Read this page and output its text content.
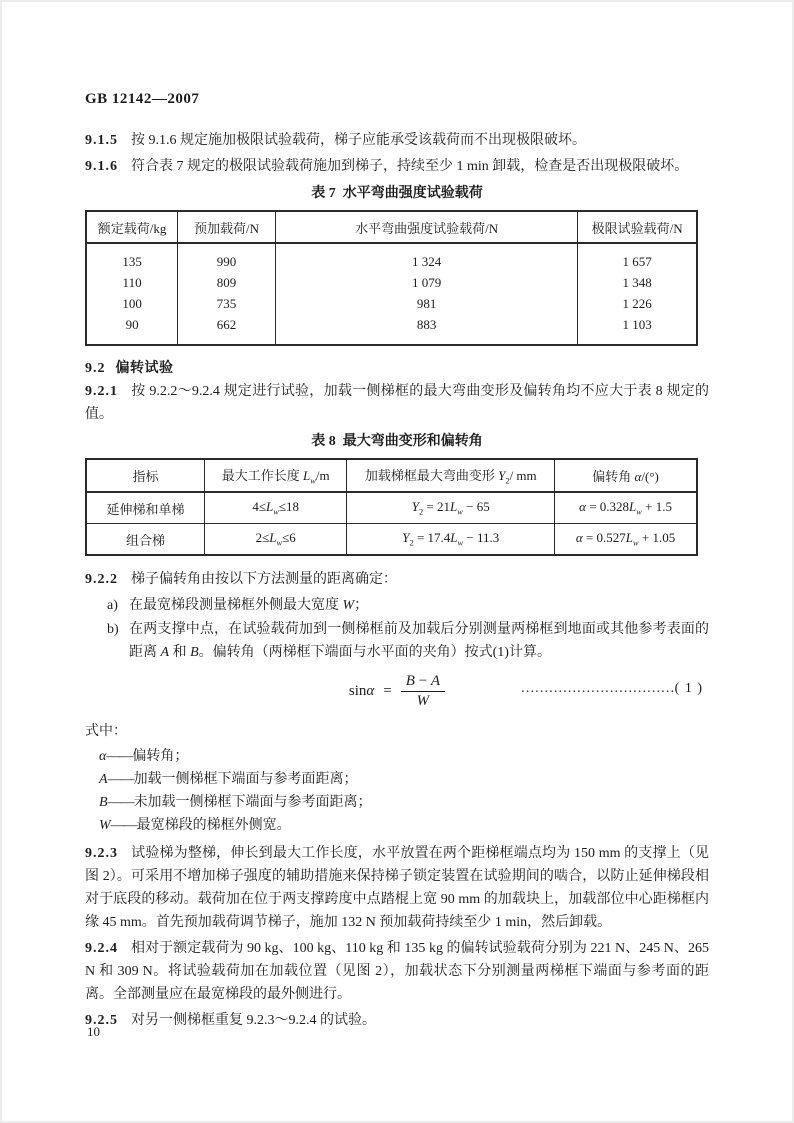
GB 12142—2007

9.1.5 按 9.1.6 规定施加极限试验载荷，梯子应能承受该载荷而不出现极限破坏。

9.1.6 符合表 7 规定的极限试验载荷施加到梯子，持续至少 1 min 卸载，检查是否出现极限破坏。

表 7  水平弯曲强度试验载荷
额定载荷/kg	预加载荷/N	水平弯曲强度试验载荷/N	极限试验载荷/N
135	990	1 324	1 657
110	809	1 079	1 348
100	735	981	1 226
90	662	883	1 103

9.2 偏转试验

9.2.1 按 9.2.2～9.2.4 规定进行试验，加载一侧梯框的最大弯曲变形及偏转角均不应大于表 8 规定的值。

表 8  最大弯曲变形和偏转角
指标	最大工作长度 $L_w/m$	加载梯框最大弯曲变形 $Y_2/$ mm	偏转角 α/(°)
延伸梯和单梯	$4\le L_w\le 18$	$Y_2 = 21L_w - 65$	$\alpha = 0.328L_w + 1.5$
组合梯	$2\le L_w\le 6$	$Y_2 = 17.4L_w - 11.3$	$\alpha = 0.527L_w + 1.05$

9.2.2 梯子偏转角由按以下方法测量的距离确定：

a) 在最宽梯段测量梯框外侧最大宽度 W；

b) 在两支撑中点，在试验载荷加到一侧梯框前及加载后分别测量两梯框到地面或其他参考表面的距离 A 和 B。偏转角（两梯框下端面与水平面的夹角）按式(1)计算。

$\sin\alpha = \frac{B - A}{W}$	……………………………( 1 )

式中：

α——偏转角；

A——加载一侧梯框下端面与参考面距离；

B——未加载一侧梯框下端面与参考面距离；

W——最宽梯段的梯框外侧宽。

9.2.3 试验梯为整梯，伸长到最大工作长度，水平放置在两个距梯框端点均为 150 mm 的支撑上（见图 2）。可采用不增加梯子强度的辅助措施来保持梯子锁定装置在试验期间的啮合，以防止延伸梯段相对于底段的移动。载荷加在位于两支撑跨度中点踏棍上宽 90 mm 的加载块上，加载部位中心距梯框内缘 45 mm。首先预加载荷调节梯子，施加 132 N 预加载荷持续至少 1 min，然后卸载。

9.2.4 相对于额定载荷为 90 kg、100 kg、110 kg 和 135 kg 的偏转试验载荷分别为 221 N、245 N、265 N 和 309 N。将试验载荷加在加载位置（见图 2），加载状态下分别测量两梯框下端面与参考面的距离。全部测量应在最宽梯段的最外侧进行。

9.2.5 对另一侧梯框重复 9.2.3～9.2.4 的试验。

10
